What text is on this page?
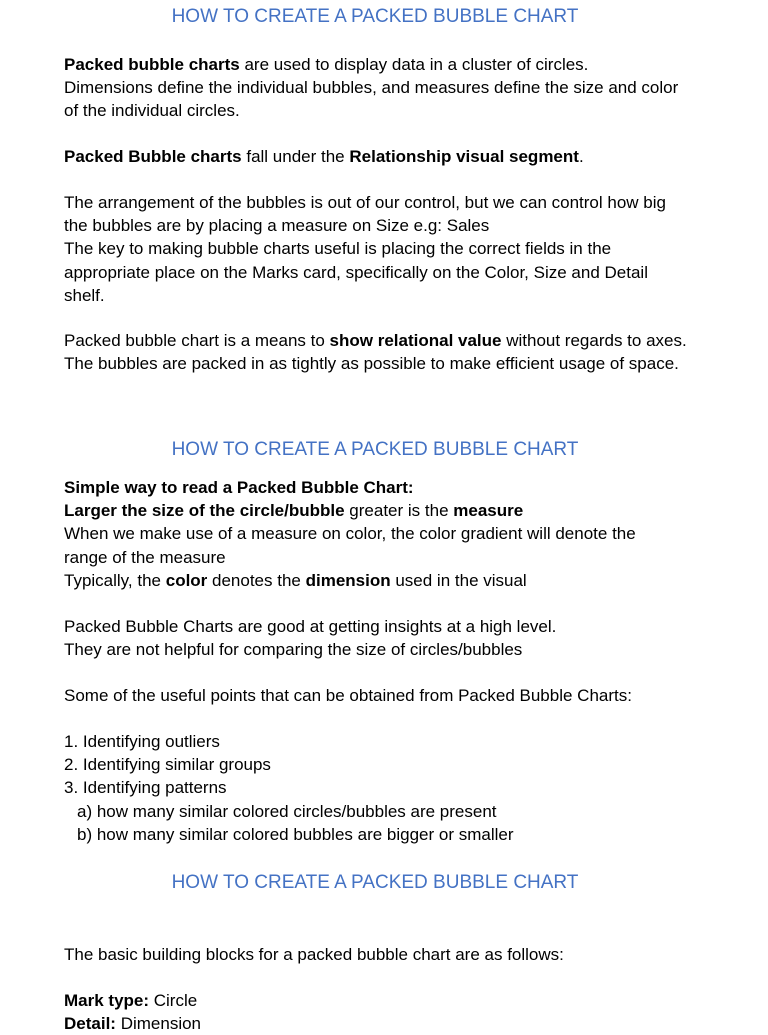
HOW TO CREATE A PACKED BUBBLE CHART

Packed bubble charts are used to display data in a cluster of circles.
Dimensions define the individual bubbles, and measures define the size and color
of the individual circles.

Packed Bubble charts fall under the Relationship visual segment.

The arrangement of the bubbles is out of our control, but we can control how big
the bubbles are by placing a measure on Size e.g: Sales
The key to making bubble charts useful is placing the correct fields in the
appropriate place on the Marks card, specifically on the Color, Size and Detail
shelf.

Packed bubble chart is a means to show relational value without regards to axes.
The bubbles are packed in as tightly as possible to make efficient usage of space.

HOW TO CREATE A PACKED BUBBLE CHART

Simple way to read a Packed Bubble Chart:
Larger the size of the circle/bubble greater is the measure
When we make use of a measure on color, the color gradient will denote the
range of the measure
Typically, the color denotes the dimension used in the visual

Packed Bubble Charts are good at getting insights at a high level.
They are not helpful for comparing the size of circles/bubbles

Some of the useful points that can be obtained from Packed Bubble Charts:

1. Identifying outliers
2. Identifying similar groups
3. Identifying patterns
a) how many similar colored circles/bubbles are present
b) how many similar colored bubbles are bigger or smaller
HOW TO CREATE A PACKED BUBBLE CHART

The basic building blocks for a packed bubble chart are as follows:

Mark type: Circle
Detail: Dimension
